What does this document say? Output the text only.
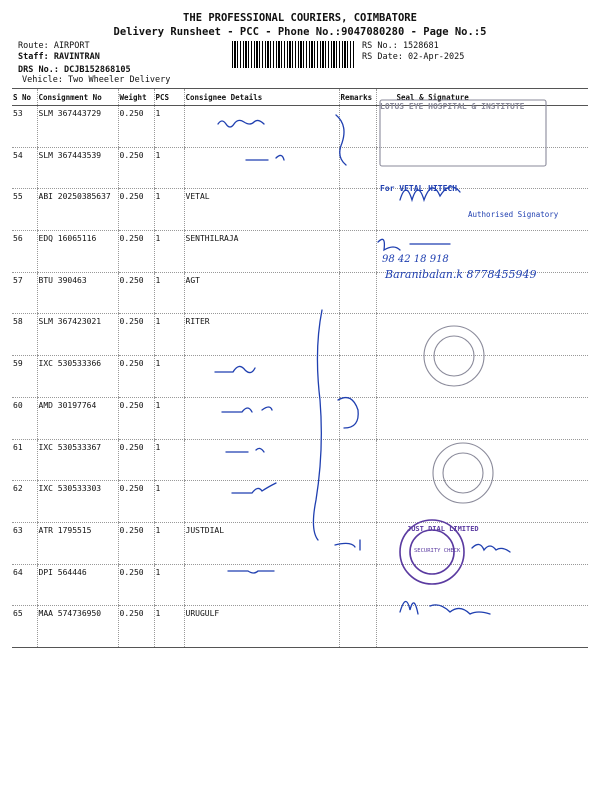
THE PROFESSIONAL COURIERS, COIMBATORE
Delivery Runsheet - PCC - Phone No.:9047080280 - Page No.:5
Route: AIRPORT
Staff: RAVINTRAN
DRS No.: DCJB152868105
Vehicle: Two Wheeler Delivery
RS No.: 1528681
RS Date: 02-Apr-2025
S No	Consignment No	Weight	PCS	Consignee Details	Remarks	Seal & Signature
53	SLM 367443729	0.250	1			
54	SLM 367443539	0.250	1			
55	ABI 20250385637	0.250	1	VETAL		
56	EDQ 16065116	0.250	1	SENTHILRAJA		
57	BTU 390463	0.250	1	AGT		
58	SLM 367423021	0.250	1	RITER		
59	IXC 530533366	0.250	1			
60	AMD 30197764	0.250	1			
61	IXC 530533367	0.250	1			
62	IXC 530533303	0.250	1			
63	ATR 1795515	0.250	1	JUSTDIAL		
64	DPI 564446	0.250	1			
65	MAA 574736950	0.250	1	URUGULF		
LOTUS EYE HOSPITAL & INSTITUTE
For VETAL HITECH
Authorised Signatory
98 42 18 918
Baranibalan.k 8778455949
JUST DIAL LIMITED
SECURITY CHECK
